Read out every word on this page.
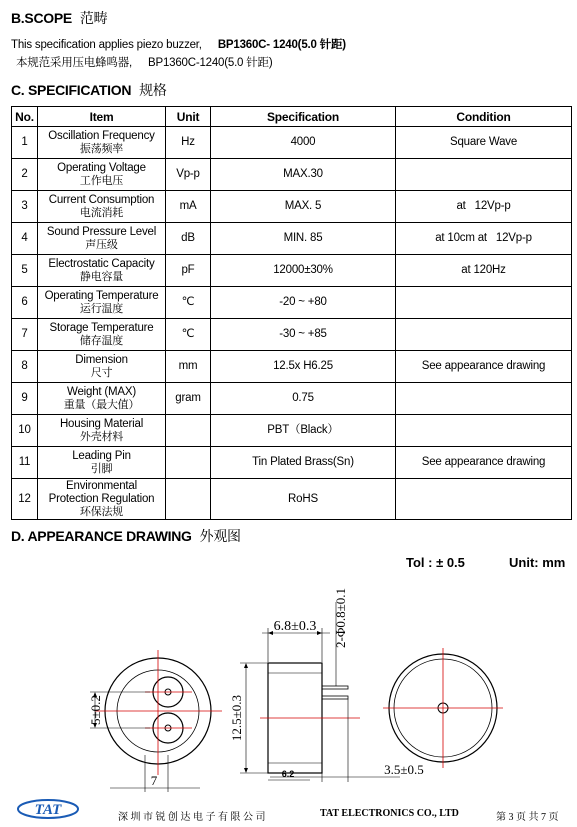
B.SCOPE 范畴
This specification applies piezo buzzer, BP1360C- 1240(5.0 针距)
本规范采用压电蜂鸣器, BP1360C-1240(5.0 针距)
C. SPECIFICATION 规格
No.	Item	Unit	Specification	Condition
1	Oscillation Frequency
振荡频率	Hz	4000	Square Wave
2	Operating Voltage
工作电压	Vp-p	MAX.30	
3	Current Consumption
电流消耗	mA	MAX. 5	at   12Vp-p
4	Sound Pressure Level
声压级	dB	MIN. 85	at 10cm at   12Vp-p
5	Electrostatic Capacity
静电容量	pF	12000±30%	at 120Hz
6	Operating Temperature
运行温度	℃	-20 ~ +80	
7	Storage Temperature
储存温度	℃	-30 ~ +85	
8	Dimension
尺寸	mm	12.5x H6.25	See appearance drawing
9	Weight (MAX)
重量（最大值）	gram	0.75	
10	Housing Material
外壳材料		PBT（Black）	
11	Leading Pin
引脚		Tin Plated Brass(Sn)	See appearance drawing
12	Environmental
Protection Regulation
环保法规		RoHS	
D. APPEARANCE DRAWING 外观图
Tol : ± 0.5	Unit: mm
5±0.2
7
6.8±0.3 2-Φ0.8±0.1
12.5±0.3
6.2	3.5±0.5
TAT	深 圳 市 锐 创 达 电 子 有 限 公 司	TAT ELECTRONICS CO., LTD	第 3 页 共 7 页
